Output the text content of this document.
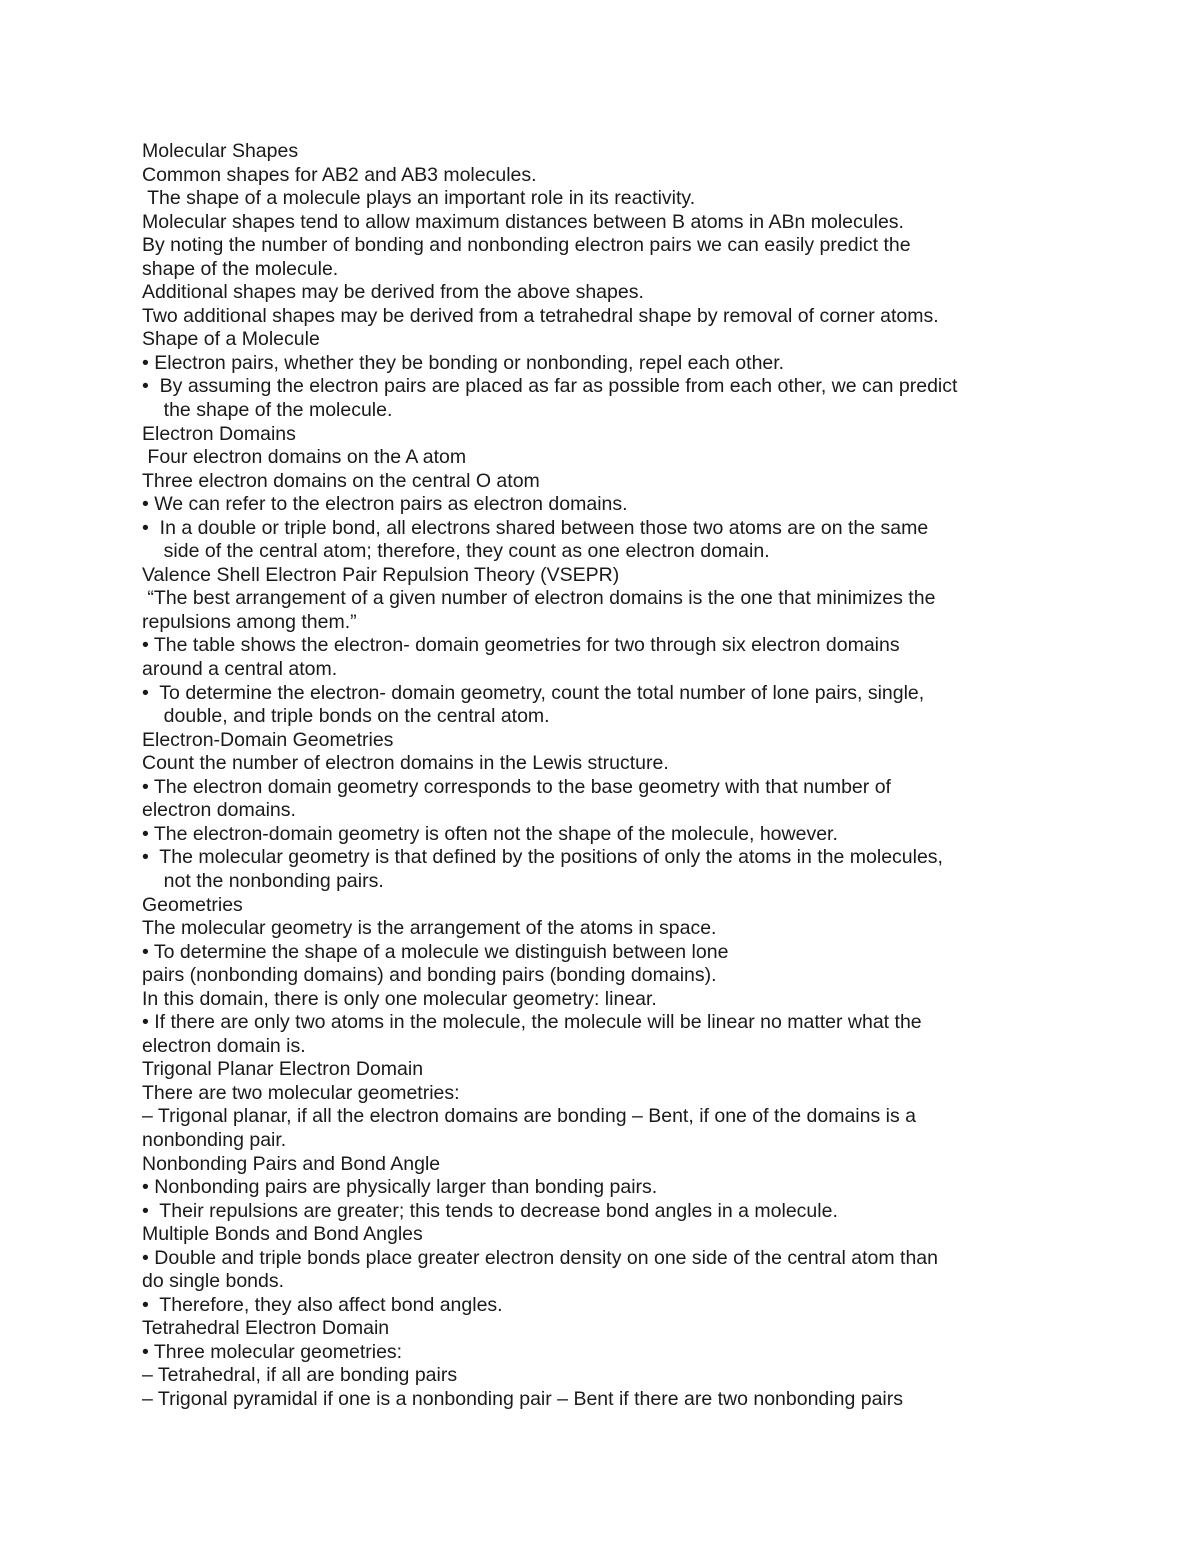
Molecular Shapes
Common shapes for AB2 and AB3 molecules.
The shape of a molecule plays an important role in its reactivity.
Molecular shapes tend to allow maximum distances between B atoms in ABn molecules.
By noting the number of bonding and nonbonding electron pairs we can easily predict the
shape of the molecule.
Additional shapes may be derived from the above shapes.
Two additional shapes may be derived from a tetrahedral shape by removal of corner atoms.
Shape of a Molecule
• Electron pairs, whether they be bonding or nonbonding, repel each other.
•  By assuming the electron pairs are placed as far as possible from each other, we can predict
the shape of the molecule.
Electron Domains
Four electron domains on the A atom
Three electron domains on the central O atom
• We can refer to the electron pairs as electron domains.
•  In a double or triple bond, all electrons shared between those two atoms are on the same
side of the central atom; therefore, they count as one electron domain.
Valence Shell Electron Pair Repulsion Theory (VSEPR)
“The best arrangement of a given number of electron domains is the one that minimizes the
repulsions among them.”
• The table shows the electron- domain geometries for two through six electron domains
around a central atom.
•  To determine the electron- domain geometry, count the total number of lone pairs, single,
double, and triple bonds on the central atom.
Electron-Domain Geometries
Count the number of electron domains in the Lewis structure.
• The electron domain geometry corresponds to the base geometry with that number of
electron domains.
• The electron-domain geometry is often not the shape of the molecule, however.
•  The molecular geometry is that defined by the positions of only the atoms in the molecules,
not the nonbonding pairs.
Geometries
The molecular geometry is the arrangement of the atoms in space.
• To determine the shape of a molecule we distinguish between lone
pairs (nonbonding domains) and bonding pairs (bonding domains).
In this domain, there is only one molecular geometry: linear.
• If there are only two atoms in the molecule, the molecule will be linear no matter what the
electron domain is.
Trigonal Planar Electron Domain
There are two molecular geometries:
– Trigonal planar, if all the electron domains are bonding – Bent, if one of the domains is a
nonbonding pair.
Nonbonding Pairs and Bond Angle
• Nonbonding pairs are physically larger than bonding pairs.
•  Their repulsions are greater; this tends to decrease bond angles in a molecule.
Multiple Bonds and Bond Angles
• Double and triple bonds place greater electron density on one side of the central atom than
do single bonds.
•  Therefore, they also affect bond angles.
Tetrahedral Electron Domain
• Three molecular geometries:
– Tetrahedral, if all are bonding pairs
– Trigonal pyramidal if one is a nonbonding pair – Bent if there are two nonbonding pairs
